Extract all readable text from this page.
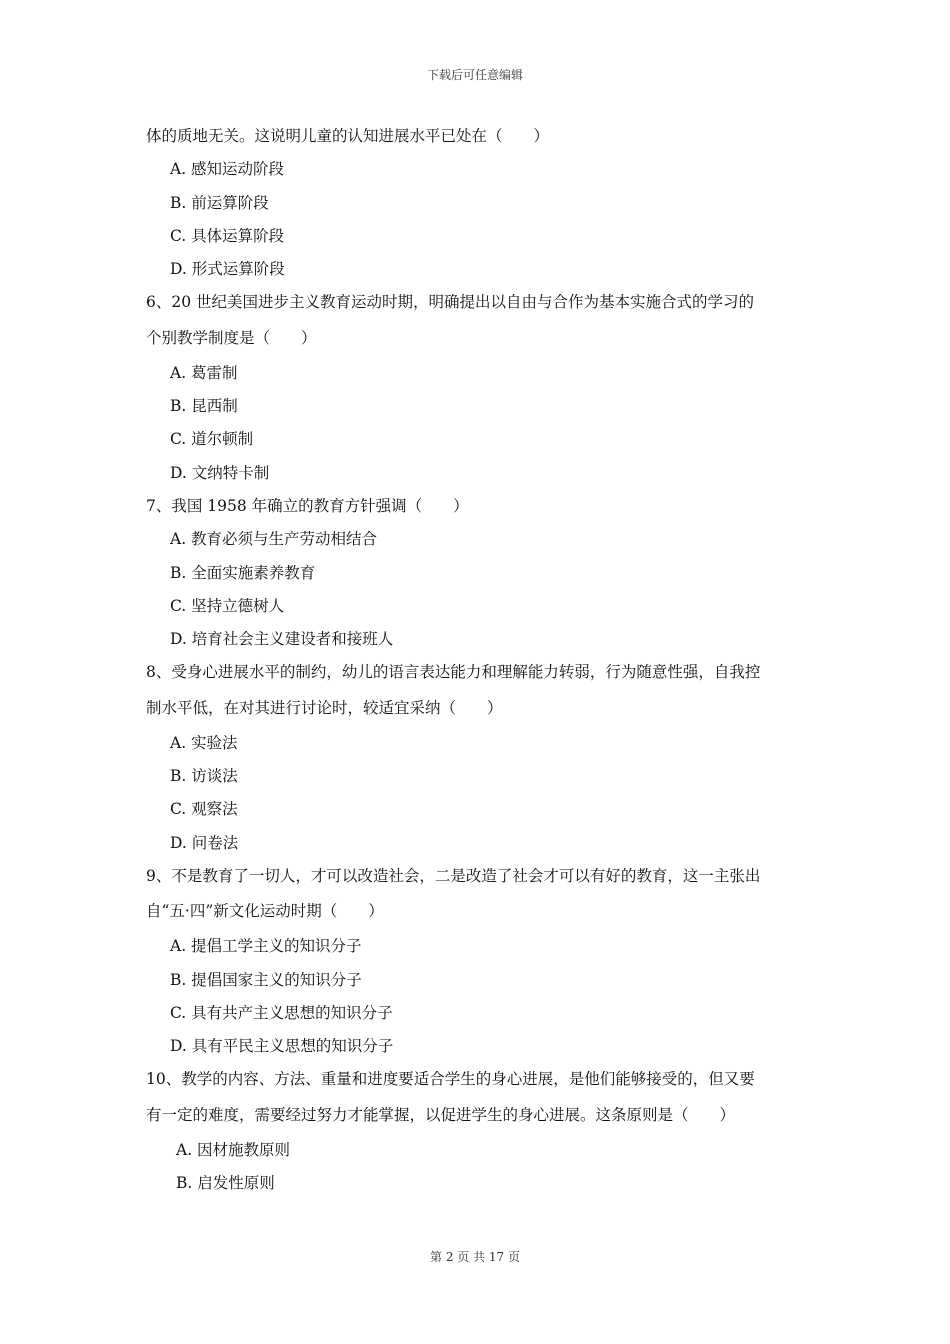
下载后可任意编辑
体的质地无关。这说明儿童的认知进展水平已处在（　　）
A. 感知运动阶段
B. 前运算阶段
C. 具体运算阶段
D. 形式运算阶段
6、20 世纪美国进步主义教育运动时期，明确提出以自由与合作为基本实施合式的学习的
个别教学制度是（　　）
A. 葛雷制
B. 昆西制
C. 道尔顿制
D. 文纳特卡制
7、我国 1958 年确立的教育方针强调（　　）
A. 教育必须与生产劳动相结合
B. 全面实施素养教育
C. 坚持立德树人
D. 培育社会主义建设者和接班人
8、受身心进展水平的制约，幼儿的语言表达能力和理解能力转弱，行为随意性强，自我控
制水平低，在对其进行讨论时，较适宜采纳（　　）
A. 实验法
B. 访谈法
C. 观察法
D. 问卷法
9、不是教育了一切人，才可以改造社会，二是改造了社会才可以有好的教育，这一主张出
自“五·四”新文化运动时期（　　）
A. 提倡工学主义的知识分子
B. 提倡国家主义的知识分子
C. 具有共产主义思想的知识分子
D. 具有平民主义思想的知识分子
10、教学的内容、方法、重量和进度要适合学生的身心进展，是他们能够接受的，但又要
有一定的难度，需要经过努力才能掌握，以促进学生的身心进展。这条原则是（　　）
A. 因材施教原则
B. 启发性原则
第 2 页 共 17 页
